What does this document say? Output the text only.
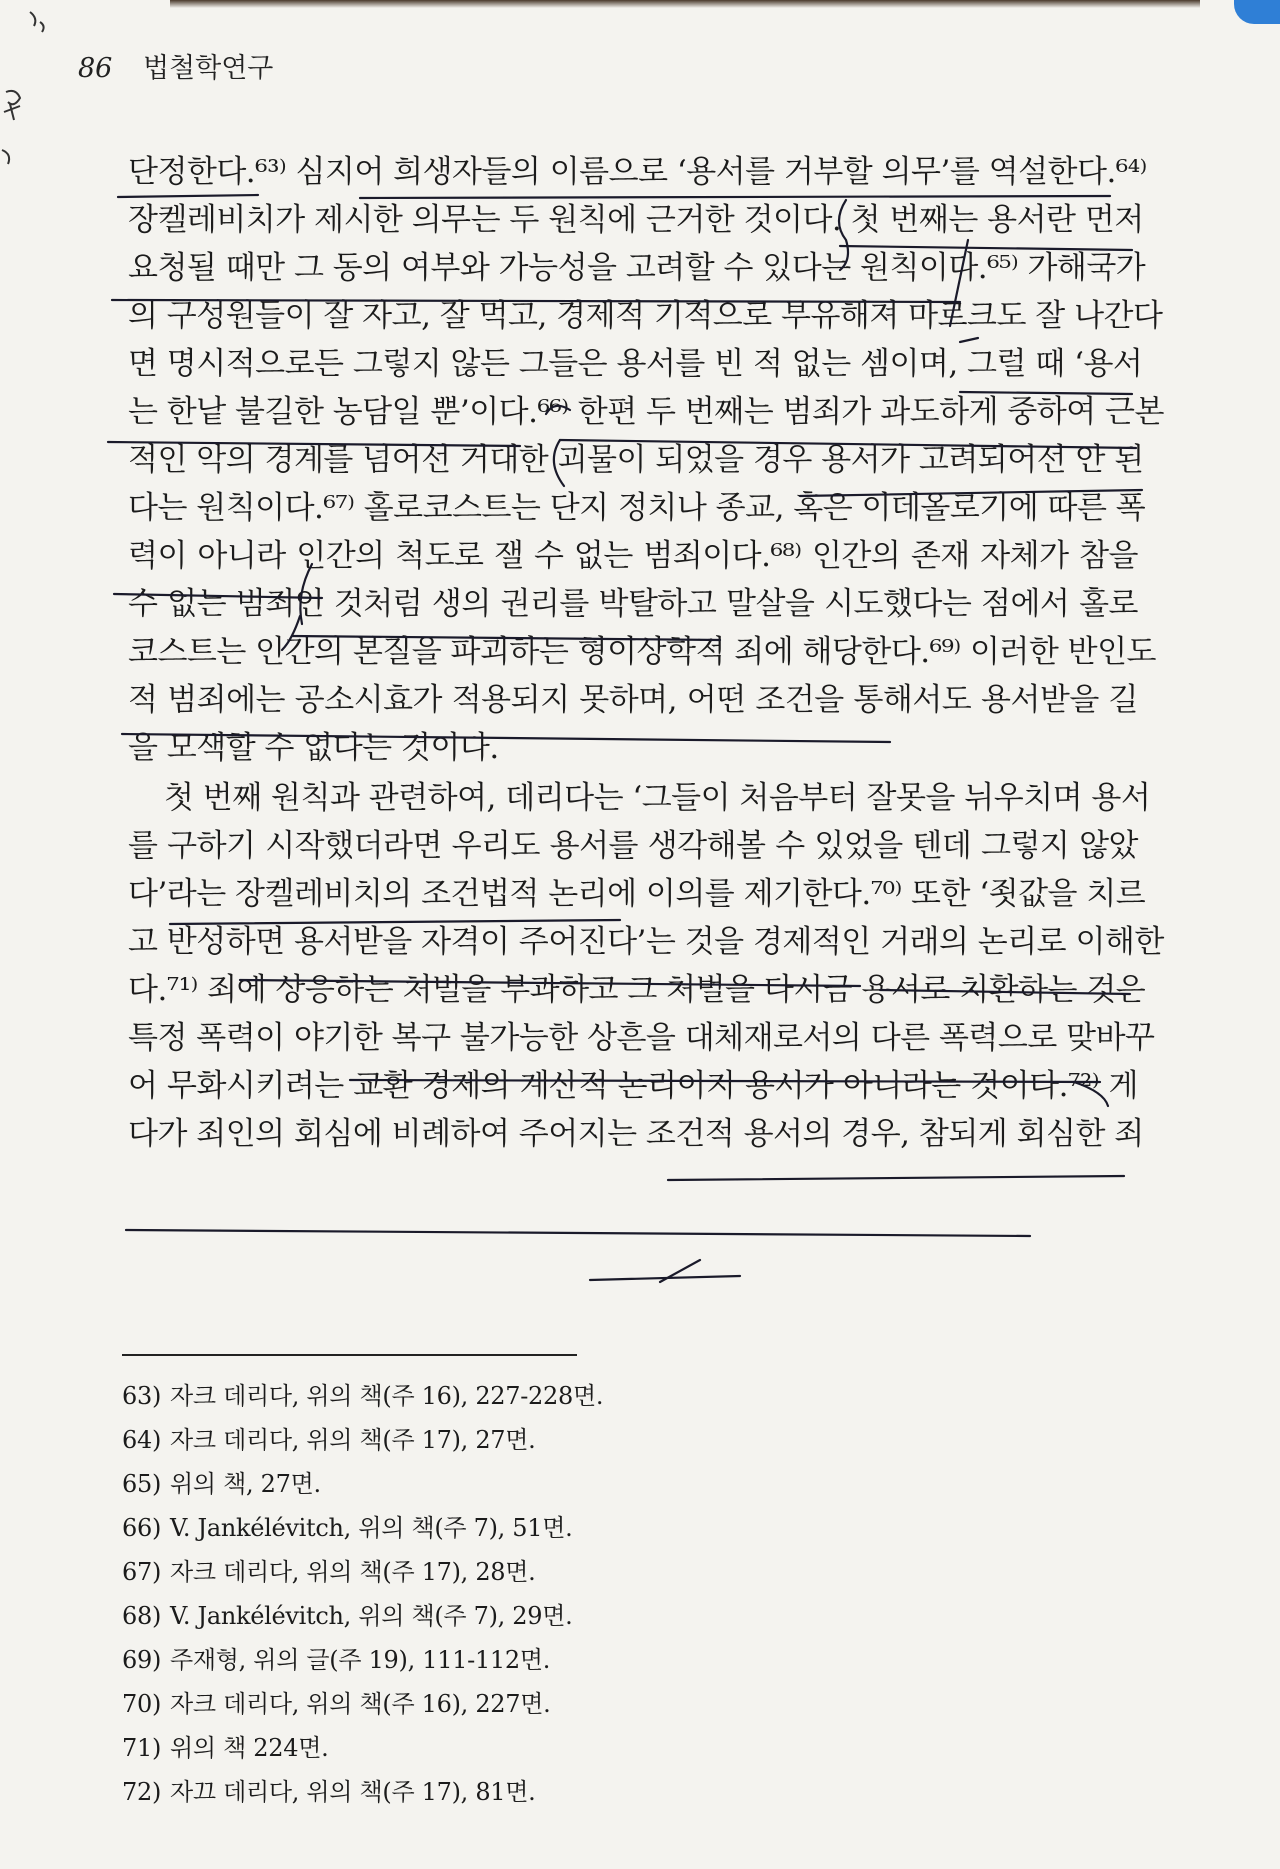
86 법철학연구
단정한다.⁶³⁾ 심지어 희생자들의 이름으로 ‘용서를 거부할 의무’를 역설한다.⁶⁴⁾
장켈레비치가 제시한 의무는 두 원칙에 근거한 것이다. 첫 번째는 용서란 먼저
요청될 때만 그 동의 여부와 가능성을 고려할 수 있다는 원칙이다.⁶⁵⁾ 가해국가
의 구성원들이 잘 자고, 잘 먹고, 경제적 기적으로 부유해져 마르크도 잘 나간다
면 명시적으로든 그렇지 않든 그들은 용서를 빈 적 없는 셈이며, 그럴 때 ‘용서
는 한낱 불길한 농담일 뿐’이다.⁶⁶⁾ 한편 두 번째는 범죄가 과도하게 중하여 근본
적인 악의 경계를 넘어선 거대한 괴물이 되었을 경우 용서가 고려되어선 안 된
다는 원칙이다.⁶⁷⁾ 홀로코스트는 단지 정치나 종교, 혹은 이데올로기에 따른 폭
력이 아니라 인간의 척도로 잴 수 없는 범죄이다.⁶⁸⁾ 인간의 존재 자체가 참을
수 없는 범죄인 것처럼 생의 권리를 박탈하고 말살을 시도했다는 점에서 홀로
코스트는 인간의 본질을 파괴하는 형이상학적 죄에 해당한다.⁶⁹⁾ 이러한 반인도
적 범죄에는 공소시효가 적용되지 못하며, 어떤 조건을 통해서도 용서받을 길
을 모색할 수 없다는 것이다.
첫 번째 원칙과 관련하여, 데리다는 ‘그들이 처음부터 잘못을 뉘우치며 용서
를 구하기 시작했더라면 우리도 용서를 생각해볼 수 있었을 텐데 그렇지 않았
다’라는 장켈레비치의 조건법적 논리에 이의를 제기한다.⁷⁰⁾ 또한 ‘죗값을 치르
고 반성하면 용서받을 자격이 주어진다’는 것을 경제적인 거래의 논리로 이해한
다.⁷¹⁾ 죄에 상응하는 처벌을 부과하고 그 처벌을 다시금 용서로 치환하는 것은
특정 폭력이 야기한 복구 불가능한 상흔을 대체재로서의 다른 폭력으로 맞바꾸
어 무화시키려는 교환 경제의 계산적 논리이지 용서가 아니라는 것이다.⁷²⁾ 게
다가 죄인의 회심에 비례하여 주어지는 조건적 용서의 경우, 참되게 회심한 죄
63) 자크 데리다, 위의 책(주 16), 227-228면.
64) 자크 데리다, 위의 책(주 17), 27면.
65) 위의 책, 27면.
66) V. Jankélévitch, 위의 책(주 7), 51면.
67) 자크 데리다, 위의 책(주 17), 28면.
68) V. Jankélévitch, 위의 책(주 7), 29면.
69) 주재형, 위의 글(주 19), 111-112면.
70) 자크 데리다, 위의 책(주 16), 227면.
71) 위의 책 224면.
72) 자끄 데리다, 위의 책(주 17), 81면.
